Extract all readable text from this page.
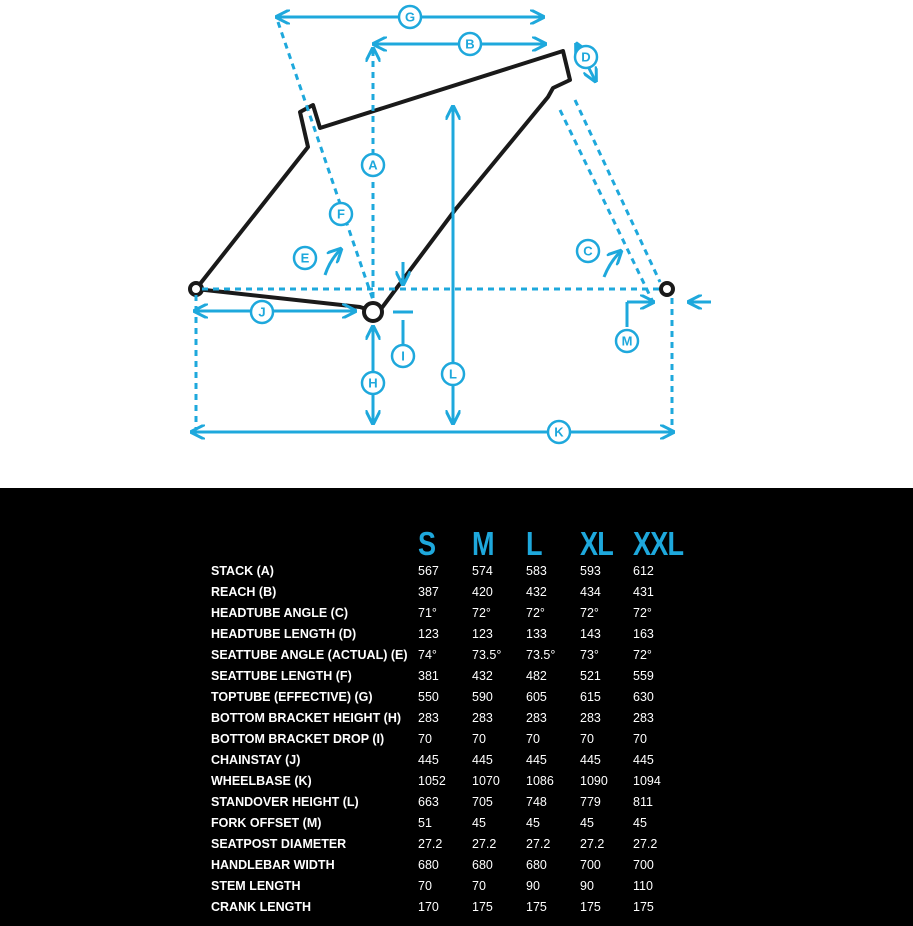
G
B
D
A
F
E	C
J
I
H
L
M
K
S M L XL XXL
STACK (A)	567	574	583	593	612
REACH (B)	387	420	432	434	431
HEADTUBE ANGLE (C)	71°	72°	72°	72°	72°
HEADTUBE LENGTH (D)	123	123	133	143	163
SEATTUBE ANGLE (ACTUAL) (E) 74°	73.5° 73.5° 73°	72°
SEATTUBE LENGTH (F)	381	432	482	521	559
TOPTUBE (EFFECTIVE) (G)	550	590	605	615	630
BOTTOM BRACKET HEIGHT (H) 283	283	283	283	283
BOTTOM BRACKET DROP (I)	70	70	70	70	70
CHAINSTAY (J)	445	445	445	445	445
WHEELBASE (K)	1052 1070 1086 1090 1094
STANDOVER HEIGHT (L)	663	705	748	779	811
FORK OFFSET (M)	51	45	45	45	45
SEATPOST DIAMETER	27.2 27.2 27.2 27.2 27.2
HANDLEBAR WIDTH	680	680	680	700	700
STEM LENGTH	70	70	90	90	110
CRANK LENGTH	170	175	175	175	175
